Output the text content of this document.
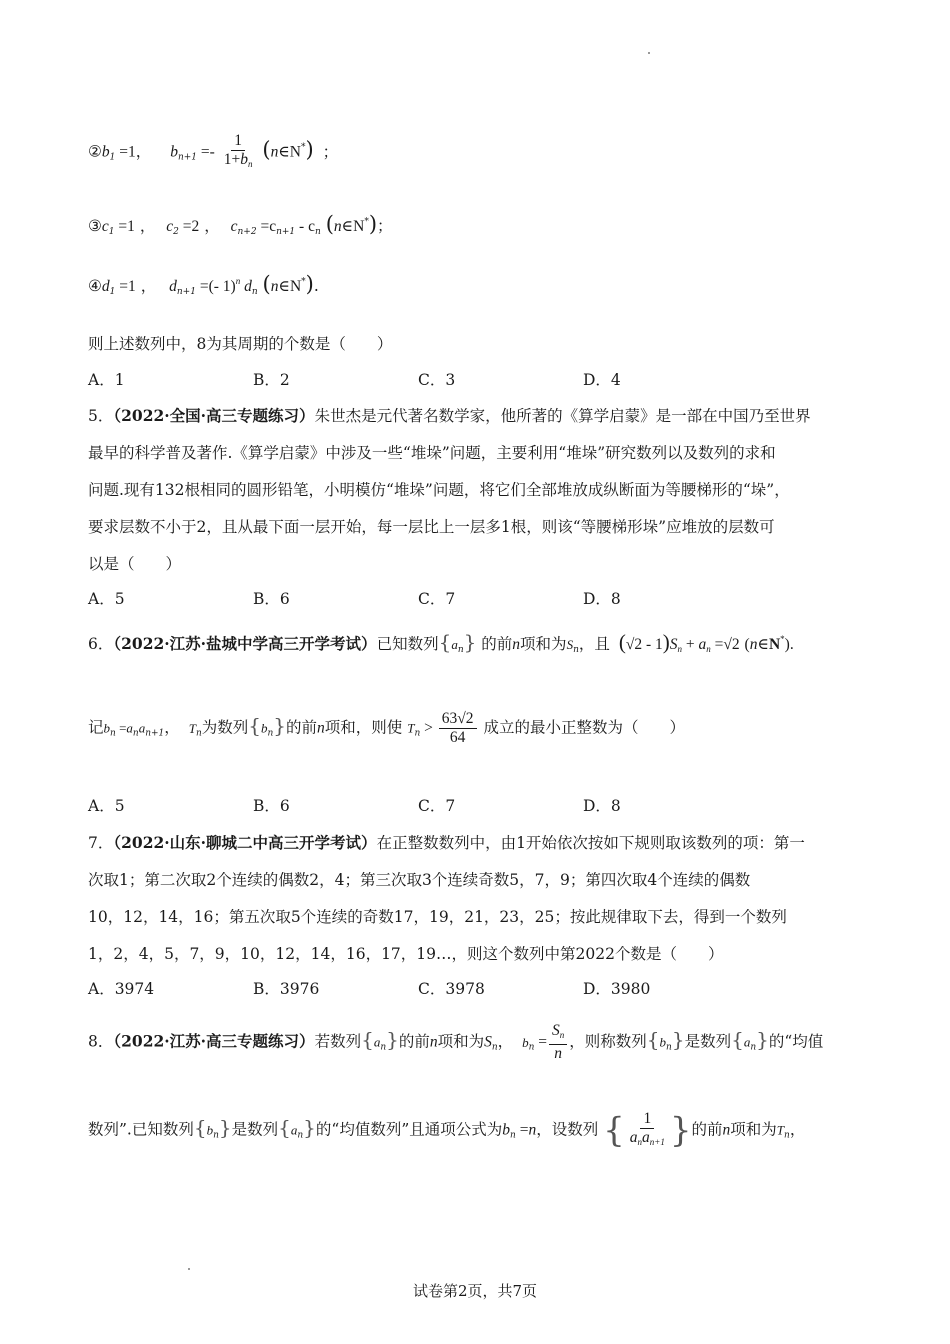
$②b_1 =1$， $b_{n+1} =- \frac{1}{1+b_n}$ (n∈N*) ；
$③c_1 =1$ ， $c_2 =2$ ， $c_{n+2} =c_{n+1} - c_n$ (n∈N*)；
$④d_1 =1$ ， $d_{n+1}$ =(- 1)$^n$ $d_n$ (n∈N*).
则上述数列中，8为其周期的个数是（　　）
A．1	B．2	C．3	D．4
5．（2022·全国·高三专题练习）朱世杰是元代著名数学家，他所著的《算学启蒙》是一部在中国乃至世界
最早的科学普及著作.《算学启蒙》中涉及一些“堆垛”问题，主要利用“堆垛”研究数列以及数列的求和
问题.现有132根相同的圆形铅笔，小明模仿“堆垛”问题，将它们全部堆放成纵断面为等腰梯形的“垛”，
要求层数不小于2，且从最下面一层开始，每一层比上一层多1根，则该“等腰梯形垛”应堆放的层数可
以是（　　）
A．5	B．6	C．7	D．8
6．（2022·江苏·盐城中学高三开学考试）已知数列$\{a_n\}$ 的前n项和为$S_n$，且 $(√2 - 1)S_n + a_n =√2$ (n∈N*).
记$b_n =a_na_{n+1}$， $T_n$为数列$\{b_n\}$的前n项和，则使 $T_n > \frac{63√2}{64}$ 成立的最小正整数为（　　）
A．5	B．6	C．7	D．8
7．（2022·山东·聊城二中高三开学考试）在正整数数列中，由1开始依次按如下规则取该数列的项：第一
次取1；第二次取2个连续的偶数2，4；第三次取3个连续奇数5，7，9；第四次取4个连续的偶数
10，12，14，16；第五次取5个连续的奇数17，19，21，23，25；按此规律取下去，得到一个数列
1，2，4，5，7，9，10，12，14，16，17，19…，则这个数列中第2022个数是（　　）
A．3974	B．3976	C．3978	D．3980
8．（2022·江苏·高三专题练习）若数列$\{a_n\}$的前n项和为$S_n$， $b_n = \frac{S_n}{n}$ ，则称数列$\{b_n\}$是数列$\{a_n\}$的“均值
数列”.已知数列$\{b_n\}$是数列$\{a_n\}$的“均值数列”且通项公式为$b_n =n$，设数列 { $\frac{1}{a_na_{n+1}}$ }的前n项和为$T_n$，
试卷第2页，共7页
